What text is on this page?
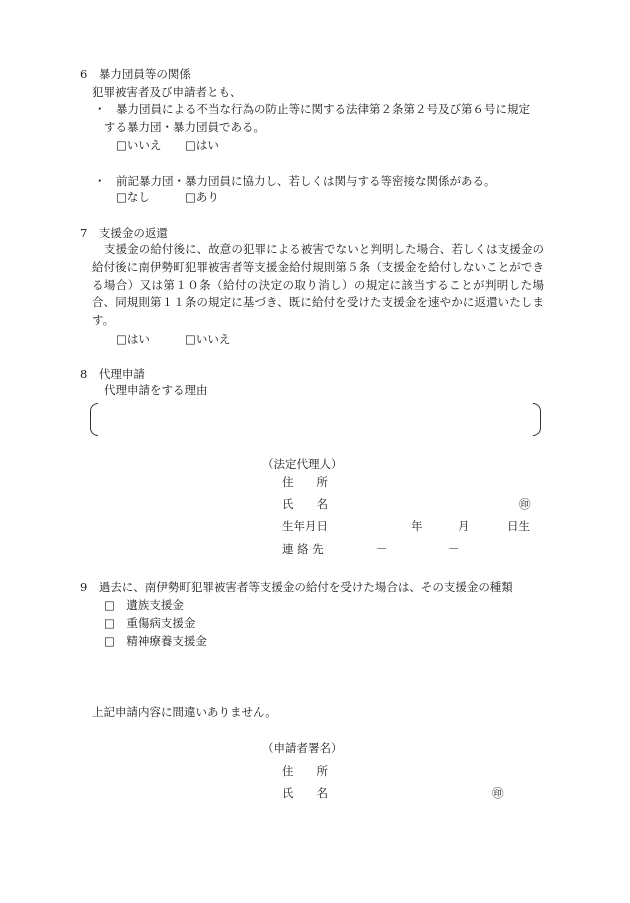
6　暴力団員等の関係
犯罪被害者及び申請者とも、
・ 暴力団員による不当な行為の防止等に関する法律第２条第２号及び第６号に規定
する暴力団・暴力団員である。
□いいえ □はい
・ 前記暴力団・暴力団員に協力し、若しくは関与する等密接な関係がある。
□なし	□あり
7　支援金の返還
支援金の給付後に、故意の犯罪による被害でないと判明した場合、若しくは支援金の給付後に南伊勢町犯罪被害者等支援金給付規則第５条（支援金を給付しないことができる場合）又は第１０条（給付の決定の取り消し）の規定に該当することが判明した場合、同規則第１１条の規定に基づき、既に給付を受けた支援金を速やかに返還いたします。
□はい	□いいえ
8　代理申請
代理申請をする理由
（法定代理人）
住　　所
氏　　名	㊞
生年月日	年	月	日生
連 絡 先	－	－
9　過去に、南伊勢町犯罪被害者等支援金の給付を受けた場合は、その支援金の種類
□　遺族支援金
□　重傷病支援金
□　精神療養支援金
上記申請内容に間違いありません。
（申請者署名）
住　　所
氏　　名	㊞
